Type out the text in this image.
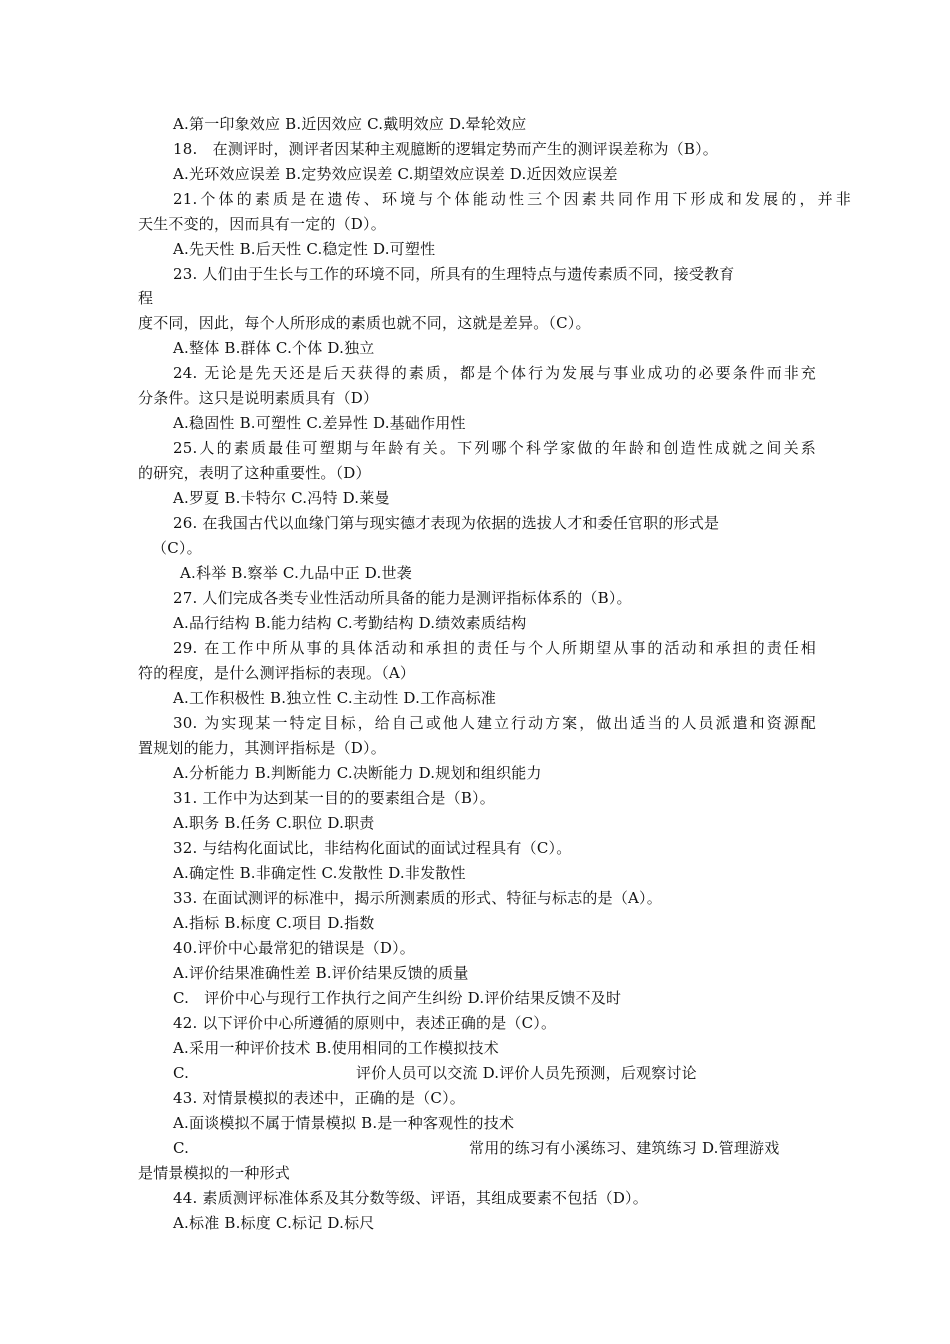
A.第一印象效应 B.近因效应 C.戴明效应 D.晕轮效应
18.　在测评时，测评者因某种主观臆断的逻辑定势而产生的测评误差称为（B）。
A.光环效应误差 B.定势效应误差 C.期望效应误差 D.近因效应误差
21.个体的素质是在遗传、环境与个体能动性三个因素共同作用下形成和发展的，并非
天生不变的，因而具有一定的（D）。
A.先天性 B.后天性 C.稳定性 D.可塑性
23. 人们由于生长与工作的环境不同，所具有的生理特点与遗传素质不同，接受教育
程
度不同，因此，每个人所形成的素质也就不同，这就是差异。（C）。
A.整体 B.群体 C.个体 D.独立
24. 无论是先天还是后天获得的素质，都是个体行为发展与事业成功的必要条件而非充
分条件。这只是说明素质具有（D）
A.稳固性 B.可塑性 C.差异性 D.基础作用性
25.人的素质最佳可塑期与年龄有关。下列哪个科学家做的年龄和创造性成就之间关系
的研究，表明了这种重要性。（D）
A.罗夏 B.卡特尔 C.冯特 D.莱曼
26. 在我国古代以血缘门第与现实德才表现为依据的选拔人才和委任官职的形式是
（C）。
A.科举 B.察举 C.九品中正 D.世袭
27. 人们完成各类专业性活动所具备的能力是测评指标体系的（B）。
A.品行结构 B.能力结构 C.考勤结构 D.绩效素质结构
29. 在工作中所从事的具体活动和承担的责任与个人所期望从事的活动和承担的责任相
符的程度，是什么测评指标的表现。（A）
A.工作积极性 B.独立性 C.主动性 D.工作高标准
30. 为实现某一特定目标，给自己或他人建立行动方案，做出适当的人员派遣和资源配
置规划的能力，其测评指标是（D）。
A.分析能力 B.判断能力 C.决断能力 D.规划和组织能力
31. 工作中为达到某一目的的要素组合是（B）。
A.职务 B.任务 C.职位 D.职责
32. 与结构化面试比，非结构化面试的面试过程具有（C）。
A.确定性 B.非确定性 C.发散性 D.非发散性
33. 在面试测评的标准中，揭示所测素质的形式、特征与标志的是（A）。
A.指标 B.标度 C.项目 D.指数
40.评价中心最常犯的错误是（D）。
A.评价结果准确性差 B.评价结果反馈的质量
C.　评价中心与现行工作执行之间产生纠纷 D.评价结果反馈不及时
42. 以下评价中心所遵循的原则中，表述正确的是（C）。
A.采用一种评价技术 B.使用相同的工作模拟技术
C.	评价人员可以交流 D.评价人员先预测，后观察讨论
43. 对情景模拟的表述中，正确的是（C）。
A.面谈模拟不属于情景模拟 B.是一种客观性的技术
C.	常用的练习有小溪练习、建筑练习 D.管理游戏
是情景模拟的一种形式
44. 素质测评标准体系及其分数等级、评语，其组成要素不包括（D）。
A.标准 B.标度 C.标记 D.标尺
